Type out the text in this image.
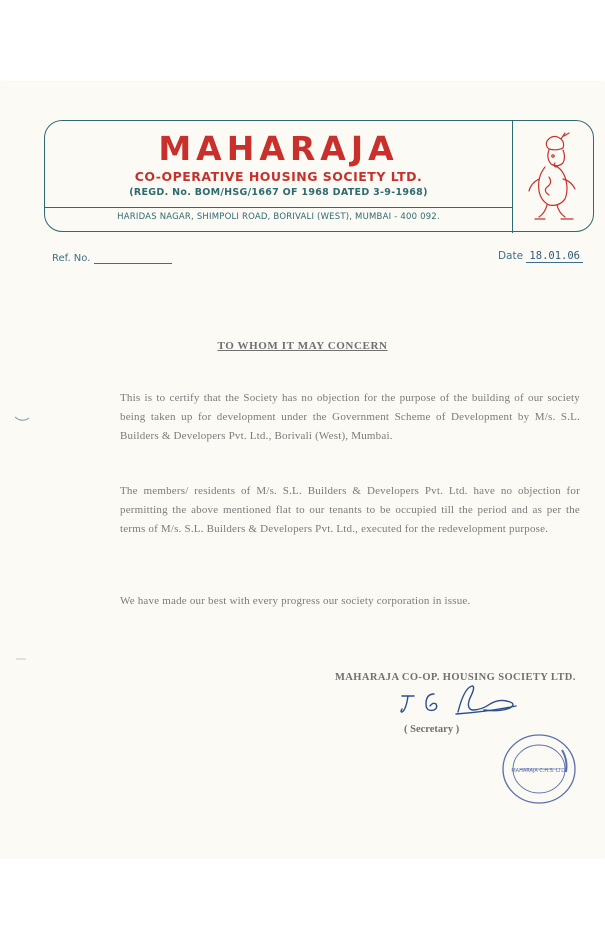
MAHARAJA
CO-OPERATIVE HOUSING SOCIETY LTD.
(REGD. No. BOM/HSG/1667 OF 1968 DATED 3-9-1968)
HARIDAS NAGAR, SHIMPOLI ROAD, BORIVALI (WEST), MUMBAI - 400 092.
Ref. No.	Date 18.01.06
TO WHOM IT MAY CONCERN
This is to certify that the Society has no objection for the purpose of the building of our society being taken up for development under the Government Scheme of Development by M/s. S.L. Builders & Developers Pvt. Ltd., Borivali (West), Mumbai.
The members/ residents of M/s. S.L. Builders & Developers Pvt. Ltd. have no objection for permitting the above mentioned flat to our tenants to be occupied till the period and as per the terms of M/s. S.L. Builders & Developers Pvt. Ltd., executed for the redevelopment purpose.
We have made our best with every progress our society corporation in issue.
MAHARAJA CO-OP. HOUSING SOCIETY LTD.
( Secretary )
MAHARAJA C.H.S. LTD.
